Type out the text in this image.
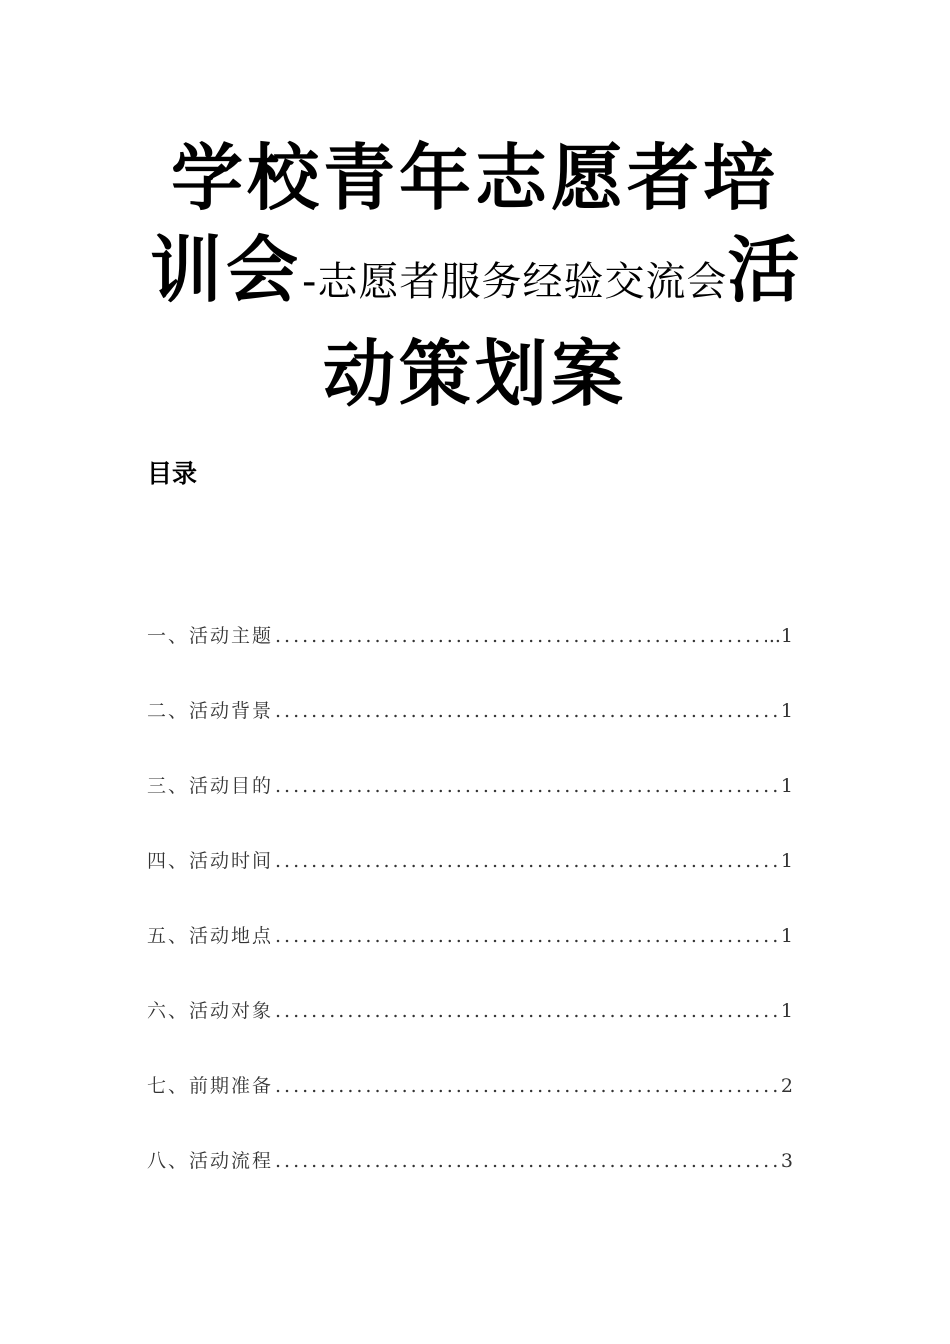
学校青年志愿者培
训会-志愿者服务经验交流会活
动策划案
目录
一、活动主题 .....	..1
二、活动背景 .....	1
三、活动目的 .....	1
四、活动时间 .....	1
五、活动地点 .....	1
六、活动对象 .....	1
七、前期准备 .....	2
八、活动流程 .....	3
